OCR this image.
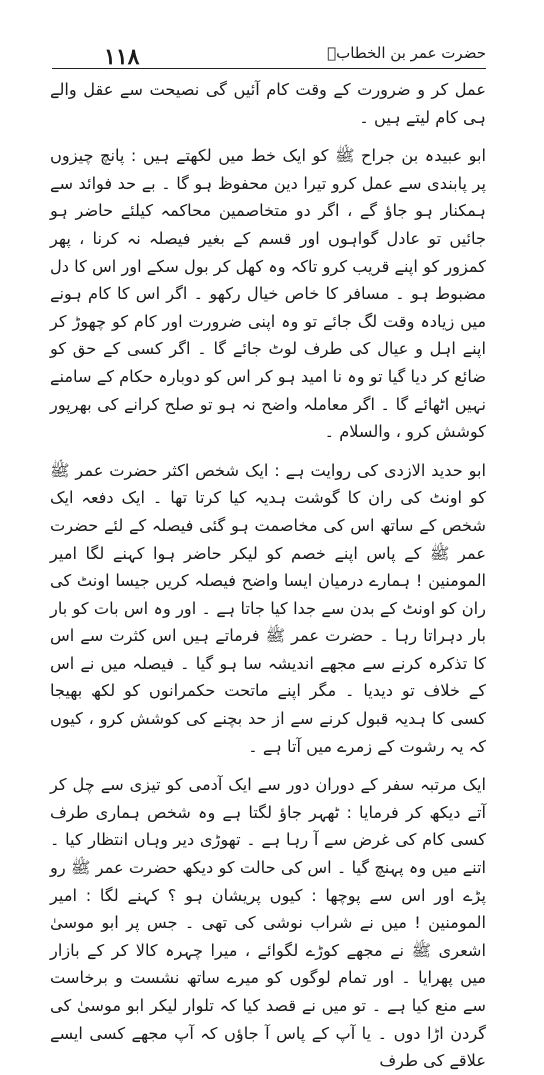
۱۱۸	حضرت عمر بن الخطابؓ

عمل کر و ضرورت کے وقت کام آئیں گی نصیحت سے عقل والے ہی کام لیتے ہیں ۔

ابو عبیدہ بن جراح ﷺ کو ایک خط میں لکھتے ہیں : پانچ چیزوں پر پابندی سے عمل کرو تیرا دین محفوظ ہو گا ۔ بے حد فوائد سے ہمکنار ہو جاؤ گے ، اگر دو متخاصمین محاکمہ کیلئے حاضر ہو جائیں تو عادل گواہوں اور قسم کے بغیر فیصلہ نہ کرنا ، پھر کمزور کو اپنے قریب کرو تاکہ وہ کھل کر بول سکے اور اس کا دل مضبوط ہو ۔ مسافر کا خاص خیال رکھو ۔ اگر اس کا کام ہونے میں زیادہ وقت لگ جائے تو وہ اپنی ضرورت اور کام کو چھوڑ کر اپنے اہل و عیال کی طرف لوٹ جائے گا ۔ اگر کسی کے حق کو ضائع کر دیا گیا تو وہ نا امید ہو کر اس کو دوبارہ حکام کے سامنے نہیں اٹھائے گا ۔ اگر معاملہ واضح نہ ہو تو صلح کرانے کی بھرپور کوشش کرو ، والسلام ۔

ابو حدید الازدی کی روایت ہے : ایک شخص اکثر حضرت عمر ﷺ کو اونٹ کی ران کا گوشت ہدیہ کیا کرتا تھا ۔ ایک دفعہ ایک شخص کے ساتھ اس کی مخاصمت ہو گئی فیصلہ کے لئے حضرت عمر ﷺ کے پاس اپنے خصم کو لیکر حاضر ہوا کہنے لگا امیر المومنین ! ہمارے درمیان ایسا واضح فیصلہ کریں جیسا اونٹ کی ران کو اونٹ کے بدن سے جدا کیا جاتا ہے ۔ اور وہ اس بات کو بار بار دہراتا رہا ۔ حضرت عمر ﷺ فرماتے ہیں اس کثرت سے اس کا تذکرہ کرنے سے مجھے اندیشہ سا ہو گیا ۔ فیصلہ میں نے اس کے خلاف تو دیدیا ۔ مگر اپنے ماتحت حکمرانوں کو لکھ بھیجا کسی کا ہدیہ قبول کرنے سے از حد بچنے کی کوشش کرو ، کیوں کہ یہ رشوت کے زمرے میں آتا ہے ۔

ایک مرتبہ سفر کے دوران دور سے ایک آدمی کو تیزی سے چل کر آتے دیکھ کر فرمایا : ٹھہر جاؤ لگتا ہے وہ شخص ہماری طرف کسی کام کی غرض سے آ رہا ہے ۔ تھوڑی دیر وہاں انتظار کیا ۔ اتنے میں وہ پہنچ گیا ۔ اس کی حالت کو دیکھ حضرت عمر ﷺ رو پڑے اور اس سے پوچھا : کیوں پریشان ہو ؟ کہنے لگا : امیر المومنین ! میں نے شراب نوشی کی تھی ۔ جس پر ابو موسیٰ اشعری ﷺ نے مجھے کوڑے لگوائے ، میرا چہرہ کالا کر کے بازار میں پھرایا ۔ اور تمام لوگوں کو میرے ساتھ نشست و برخاست سے منع کیا ہے ۔ تو میں نے قصد کیا کہ تلوار لیکر ابو موسیٰ کی گردن اڑا دوں ۔ یا آپ کے پاس آ جاؤں کہ آپ مجھے کسی ایسے علاقے کی طرف
